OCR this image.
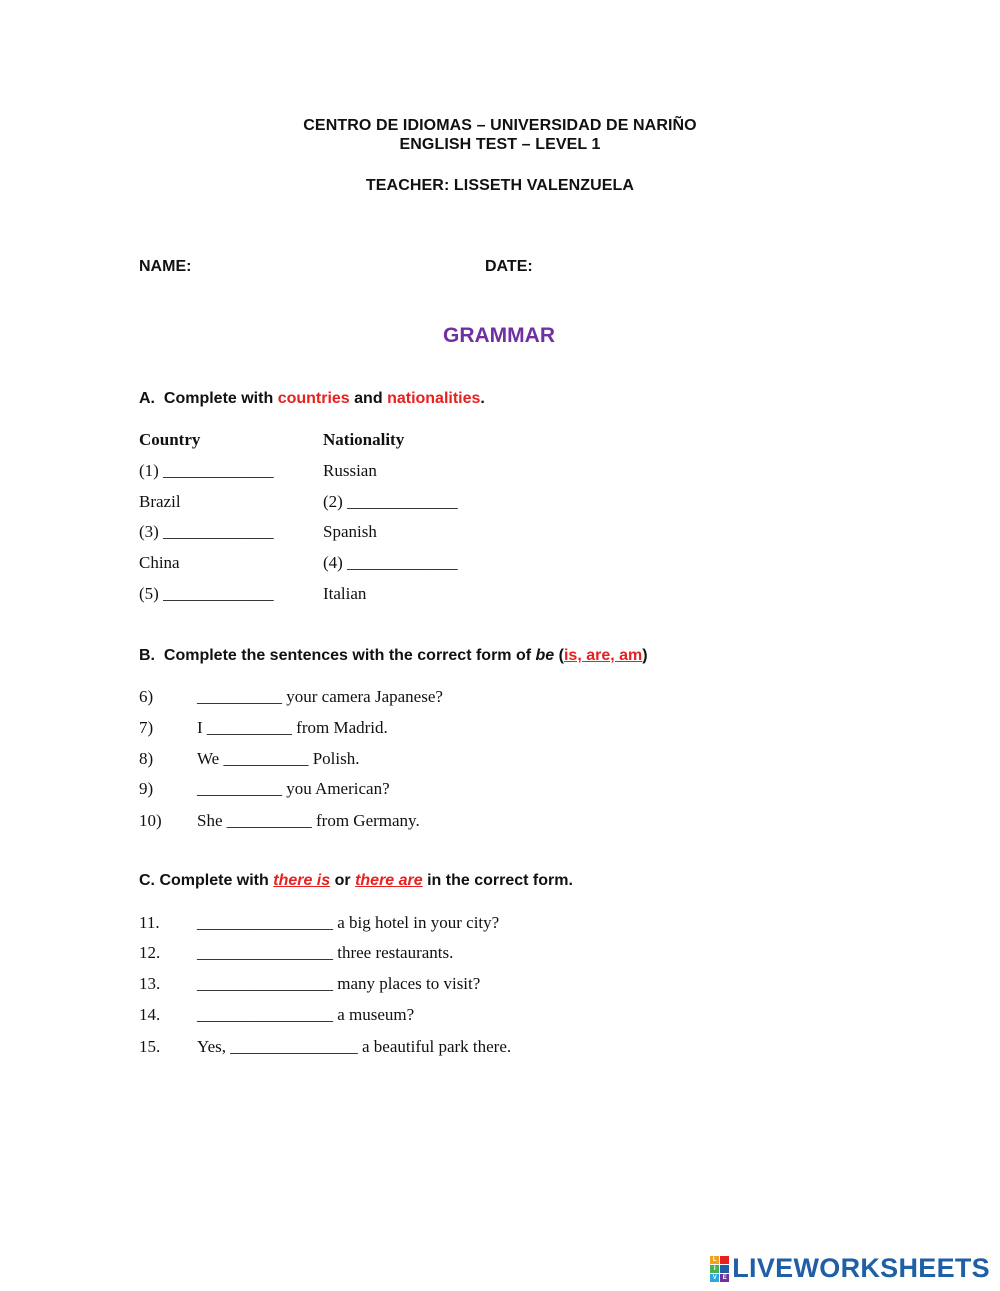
CENTRO DE IDIOMAS – UNIVERSIDAD DE NARIÑO
ENGLISH TEST – LEVEL 1
TEACHER: LISSETH VALENZUELA
NAME:	DATE:
GRAMMAR
A. Complete with countries and nationalities.
Country	Nationality
(1) _____________	Russian
Brazil	(2) _____________
(3) _____________	Spanish
China	(4) _____________
(5) _____________	Italian
B. Complete the sentences with the correct form of be (is, are, am)
6)	__________ your camera Japanese?
7)	I __________ from Madrid.
8)	We __________ Polish.
9)	__________ you American?
10) She __________ from Germany.
C. Complete with there is or there are in the correct form.
11. ________________ a big hotel in your city?
12. ________________ three restaurants.
13. ________________ many places to visit?
14. ________________ a museum?
15. Yes, _______________ a beautiful park there.
L
I
V E LIVEWORKSHEETS
